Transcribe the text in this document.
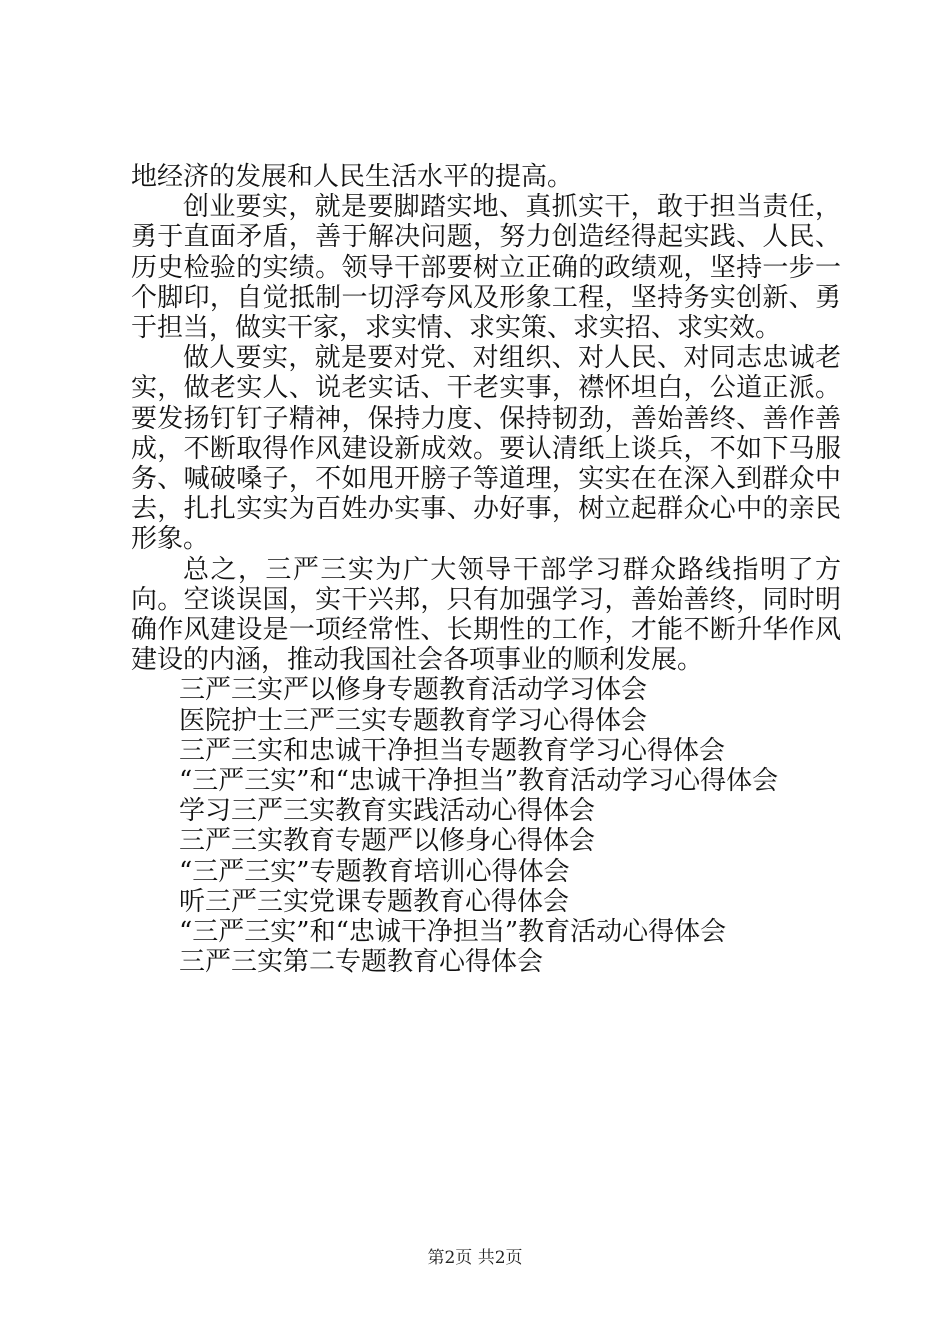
地经济的发展和人民生活水平的提高。

创业要实，就是要脚踏实地、真抓实干，敢于担当责任，勇于直面矛盾，善于解决问题，努力创造经得起实践、人民、历史检验的实绩。领导干部要树立正确的政绩观，坚持一步一个脚印，自觉抵制一切浮夸风及形象工程，坚持务实创新、勇于担当，做实干家，求实情、求实策、求实招、求实效。

做人要实，就是要对党、对组织、对人民、对同志忠诚老实，做老实人、说老实话、干老实事，襟怀坦白，公道正派。要发扬钉钉子精神，保持力度、保持韧劲，善始善终、善作善成，不断取得作风建设新成效。要认清纸上谈兵，不如下马服务、喊破嗓子，不如甩开膀子等道理，实实在在深入到群众中去，扎扎实实为百姓办实事、办好事，树立起群众心中的亲民形象。

总之，三严三实为广大领导干部学习群众路线指明了方向。空谈误国，实干兴邦，只有加强学习，善始善终，同时明确作风建设是一项经常性、长期性的工作，才能不断升华作风建设的内涵，推动我国社会各项事业的顺利发展。

三严三实严以修身专题教育活动学习体会
医院护士三严三实专题教育学习心得体会
三严三实和忠诚干净担当专题教育学习心得体会
“三严三实”和“忠诚干净担当”教育活动学习心得体会
学习三严三实教育实践活动心得体会
三严三实教育专题严以修身心得体会
“三严三实”专题教育培训心得体会
听三严三实党课专题教育心得体会
“三严三实”和“忠诚干净担当”教育活动心得体会
三严三实第二专题教育心得体会
第2页 共2页
